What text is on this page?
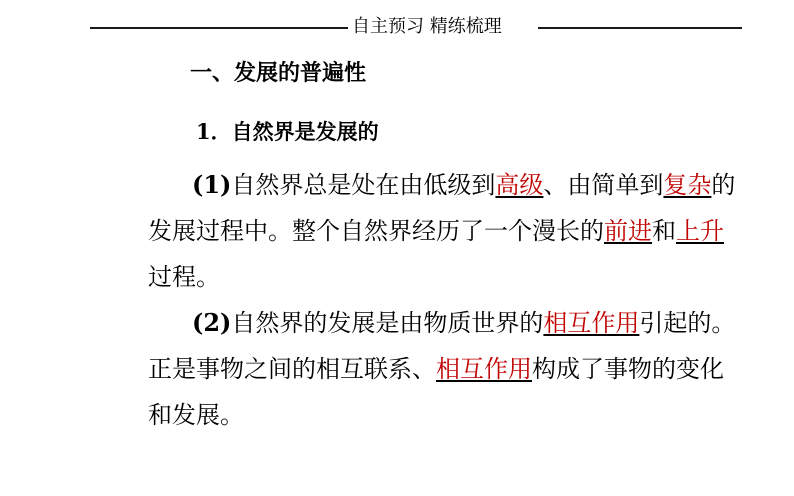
自主预习 精练梳理
一、发展的普遍性
1．自然界是发展的
(1)自然界总是处在由低级到高级、由简单到复杂的
发展过程中。整个自然界经历了一个漫长的前进和上升
过程。
(2)自然界的发展是由物质世界的相互作用引起的。
正是事物之间的相互联系、相互作用构成了事物的变化
和发展。
